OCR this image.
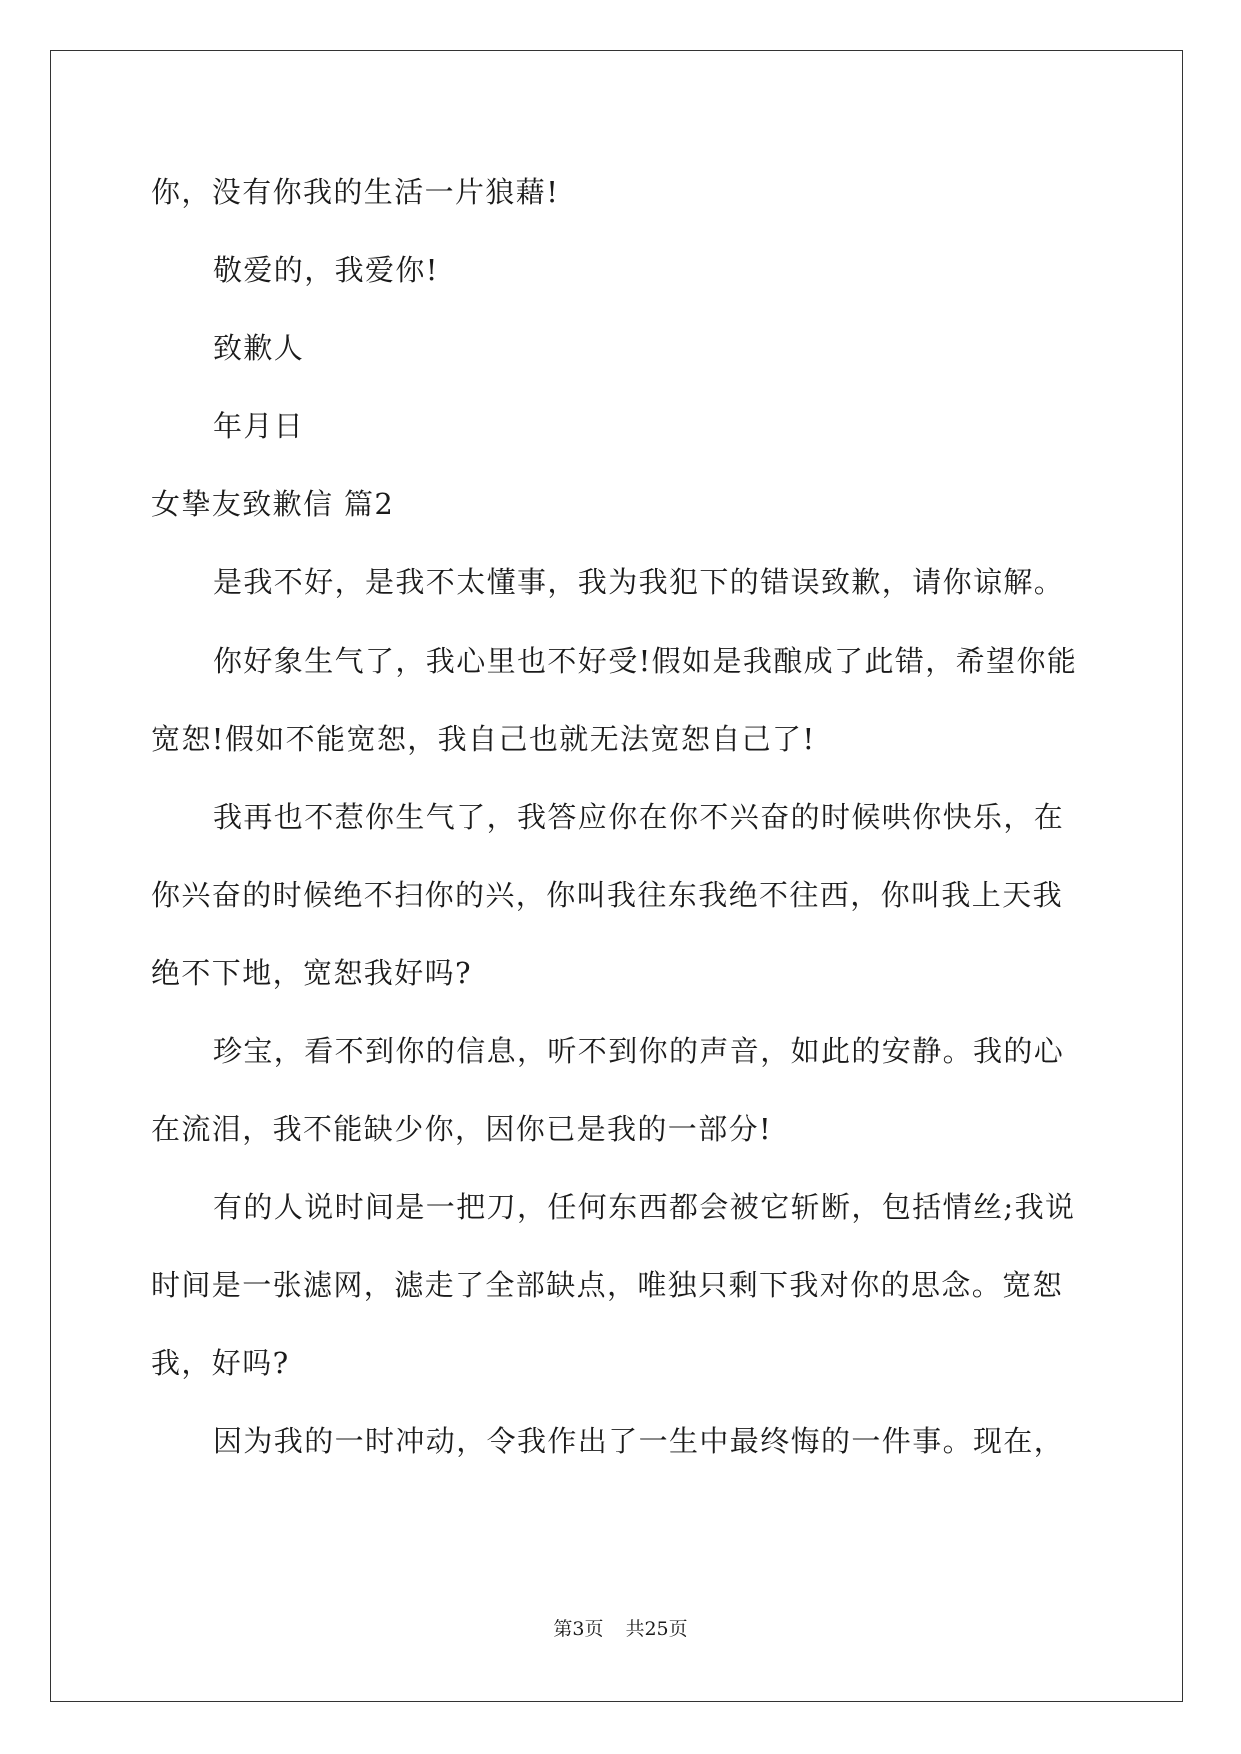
你，没有你我的生活一片狼藉!
敬爱的，我爱你!
致歉人
年月日
女挚友致歉信 篇2
是我不好，是我不太懂事，我为我犯下的错误致歉，请你谅解。
你好象生气了，我心里也不好受!假如是我酿成了此错，希望你能
宽恕!假如不能宽恕，我自己也就无法宽恕自己了!
我再也不惹你生气了，我答应你在你不兴奋的时候哄你快乐，在
你兴奋的时候绝不扫你的兴，你叫我往东我绝不往西，你叫我上天我
绝不下地，宽恕我好吗?
珍宝，看不到你的信息，听不到你的声音，如此的安静。我的心
在流泪，我不能缺少你，因你已是我的一部分!
有的人说时间是一把刀，任何东西都会被它斩断，包括情丝;我说
时间是一张滤网，滤走了全部缺点，唯独只剩下我对你的思念。宽恕
我，好吗?
因为我的一时冲动，令我作出了一生中最终悔的一件事。现在，
第3页 共25页
